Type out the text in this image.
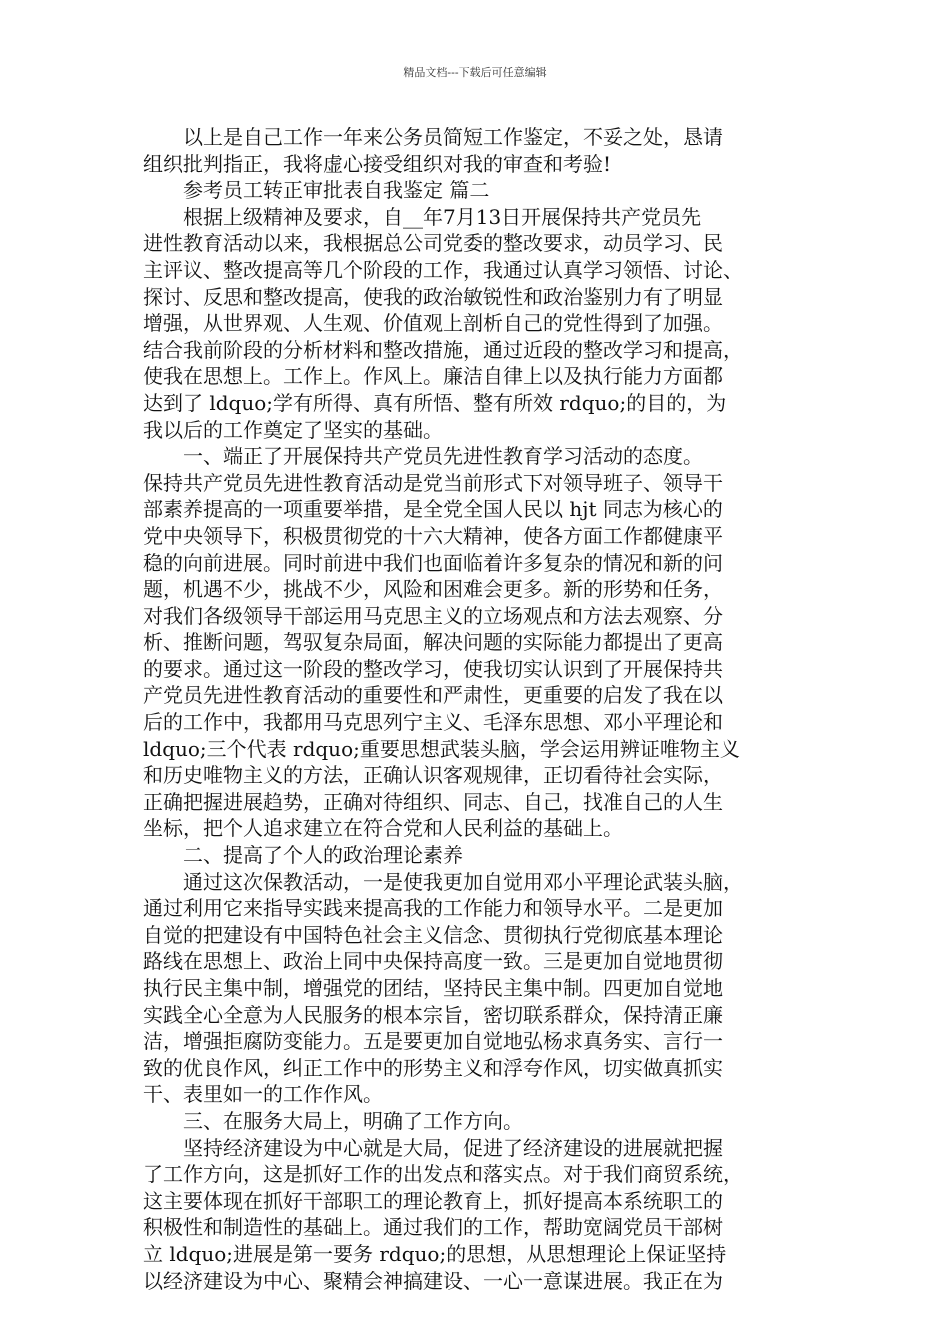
精品文档---下载后可任意编辑
　　以上是自己工作一年来公务员简短工作鉴定，不妥之处，恳请
组织批判指正，我将虚心接受组织对我的审查和考验!
　　参考员工转正审批表自我鉴定 篇二
　　根据上级精神及要求，自__年7月13日开展保持共产党员先
进性教育活动以来，我根据总公司党委的整改要求，动员学习、民
主评议、整改提高等几个阶段的工作，我通过认真学习领悟、讨论、
探讨、反思和整改提高，使我的政治敏锐性和政治鉴别力有了明显
增强，从世界观、人生观、价值观上剖析自己的党性得到了加强。
结合我前阶段的分析材料和整改措施，通过近段的整改学习和提高，
使我在思想上。工作上。作风上。廉洁自律上以及执行能力方面都
达到了 ldquo;学有所得、真有所悟、整有所效 rdquo;的目的，为
我以后的工作奠定了坚实的基础。
　　一、端正了开展保持共产党员先进性教育学习活动的态度。
保持共产党员先进性教育活动是党当前形式下对领导班子、领导干
部素养提高的一项重要举措，是全党全国人民以 hjt 同志为核心的
党中央领导下，积极贯彻党的十六大精神，使各方面工作都健康平
稳的向前进展。同时前进中我们也面临着许多复杂的情况和新的问
题，机遇不少，挑战不少，风险和困难会更多。新的形势和任务，
对我们各级领导干部运用马克思主义的立场观点和方法去观察、分
析、推断问题，驾驭复杂局面，解决问题的实际能力都提出了更高
的要求。通过这一阶段的整改学习，使我切实认识到了开展保持共
产党员先进性教育活动的重要性和严肃性，更重要的启发了我在以
后的工作中，我都用马克思列宁主义、毛泽东思想、邓小平理论和
ldquo;三个代表 rdquo;重要思想武装头脑，学会运用辨证唯物主义
和历史唯物主义的方法，正确认识客观规律，正切看待社会实际，
正确把握进展趋势，正确对待组织、同志、自己，找准自己的人生
坐标，把个人追求建立在符合党和人民利益的基础上。
　　二、提高了个人的政治理论素养
　　通过这次保教活动，一是使我更加自觉用邓小平理论武装头脑，
通过利用它来指导实践来提高我的工作能力和领导水平。二是更加
自觉的把建设有中国特色社会主义信念、贯彻执行党彻底基本理论
路线在思想上、政治上同中央保持高度一致。三是更加自觉地贯彻
执行民主集中制，增强党的团结，坚持民主集中制。四更加自觉地
实践全心全意为人民服务的根本宗旨，密切联系群众，保持清正廉
洁，增强拒腐防变能力。五是要更加自觉地弘杨求真务实、言行一
致的优良作风，纠正工作中的形势主义和浮夸作风，切实做真抓实
干、表里如一的工作作风。
　　三、在服务大局上，明确了工作方向。
　　坚持经济建设为中心就是大局，促进了经济建设的进展就把握
了工作方向，这是抓好工作的出发点和落实点。对于我们商贸系统，
这主要体现在抓好干部职工的理论教育上，抓好提高本系统职工的
积极性和制造性的基础上。通过我们的工作，帮助宽阔党员干部树
立 ldquo;进展是第一要务 rdquo;的思想，从思想理论上保证坚持
以经济建设为中心、聚精会神搞建设、一心一意谋进展。我正在为
